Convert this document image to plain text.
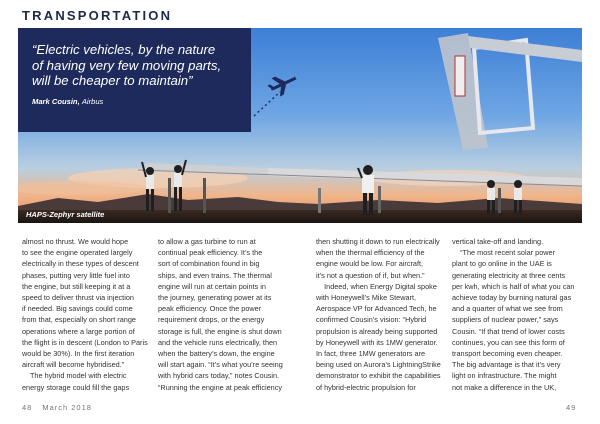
TRANSPORTATION

“Electric vehicles, by the nature
of having very few moving parts,
will be cheaper to maintain”

Mark Cousin, Airbus
HAPS-Zephyr satellite

almost no thrust. We would hope

to see the engine operated largely

electrically in these types of descent

phases, putting very little fuel into

the engine, but still keeping it at a

speed to deliver thrust via injection

if needed. Big savings could come

from that, especially on short range

operations where a large portion of

the flight is in descent (London to Paris

would be 30%). In the first iteration

aircraft will become hybridised.”

The hybrid model with electric

energy storage could fill the gaps

to allow a gas turbine to run at

continual peak efficiency. It’s the

sort of combination found in big

ships, and even trains. The thermal

engine will run at certain points in

the journey, generating power at its

peak efficiency. Once the power

requirement drops, or the energy

storage is full, the engine is shut down

and the vehicle runs electrically, then

when the battery’s down, the engine

will start again. “It’s what you’re seeing

with hybrid cars today,” notes Cousin.

“Running the engine at peak efficiency

then shutting it down to run electrically

when the thermal efficiency of the

engine would be low. For aircraft,

it’s not a question of if, but when.”

Indeed, when Energy Digital spoke

with Honeywell’s Mike Stewart,

Aerospace VP for Advanced Tech, he

confirmed Cousin’s vision: “Hybrid

propulsion is already being supported

by Honeywell with its 1MW generator.

In fact, three 1MW generators are

being used on Aurora’s LightningStrike

demonstrator to exhibit the capabilities

of hybrid-electric propulsion for

vertical take-off and landing.

“The most recent solar power

plant to go online in the UAE is

generating electricity at three cents

per kwh, which is half of what you can

achieve today by burning natural gas

and a quarter of what we see from

suppliers of nuclear power,” says

Cousin. “If that trend of lower costs

continues, you can see this form of

transport becoming even cheaper.

The big advantage is that it’s very

light on infrastructure. The might

not make a difference in the UK,

48 March 2018	49
